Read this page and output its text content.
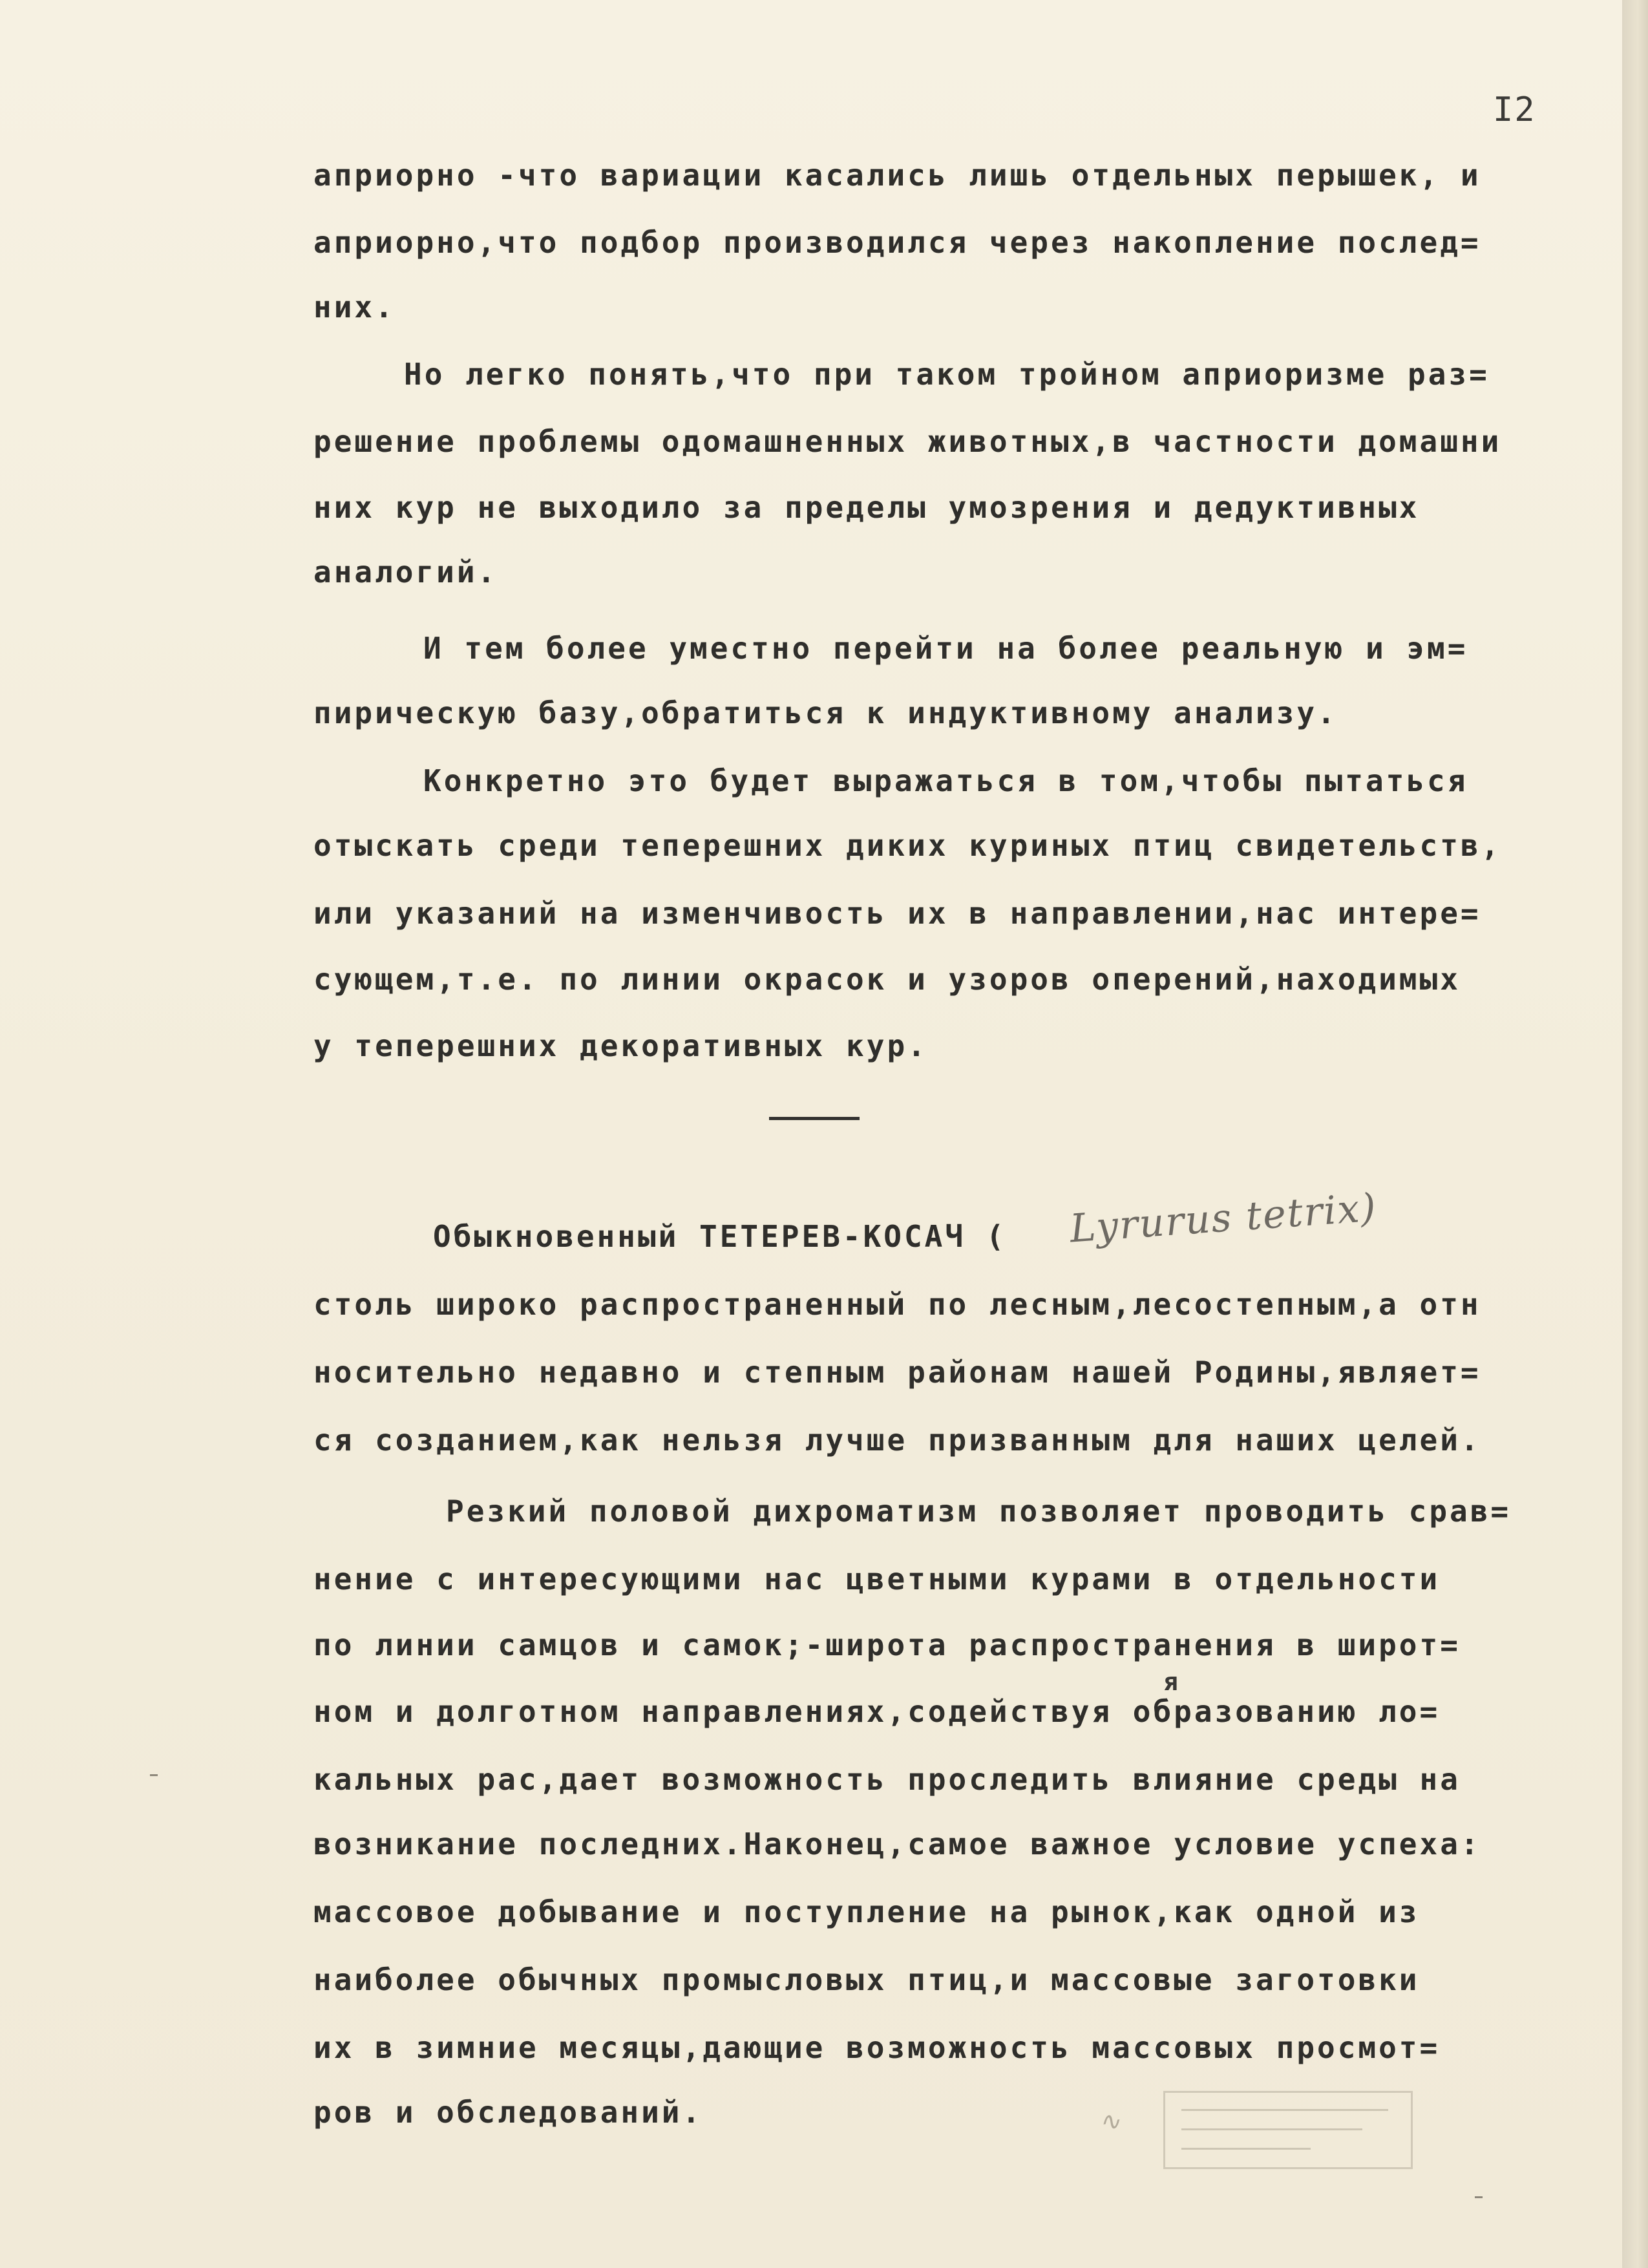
I2
априорно -что вариации касались лишь отдельных перышек, и
априорно,что подбор производился через накопление послед=
них.
Но легко понять,что при таком тройном априоризме раз=
решение проблемы одомашненных животных,в частности домашни
них кур не выходило за пределы умозрения и дедуктивных
аналогий.
И тем более уместно перейти на более реальную и эм=
пирическую базу,обратиться к индуктивному анализу.
Конкретно это будет выражаться в том,чтобы пытаться
отыскать среди теперешних диких куриных птиц свидетельств,
или указаний на изменчивость их в направлении,нас интере=
сующем,т.е. по линии окрасок и узоров оперений,находимых
у теперешних декоративных кур.
Обыкновенный ТЕТЕРЕВ-КОСАЧ ( Lyrurus tetrix)
столь широко распространенный по лесным,лесостепным,а отн
носительно недавно и степным районам нашей Родины,являет=
ся созданием,как нельзя лучше призванным для наших целей.
Резкий половой дихроматизм позволяет проводить срав=
нение с интересующими нас цветными курами в отдельности
по линии самцов и самок;-широта распространения в широт=
я
ном и долготном направлениях,содействуя образованию ло=
кальных рас,дает возможность проследить влияние среды на
возникание последних.Наконец,самое важное условие успеха:
массовое добывание и поступление на рынок,как одной из
наиболее обычных промысловых птиц,и массовые заготовки
их в зимние месяцы,дающие возможность массовых просмот=
ров и обследований.	∿
